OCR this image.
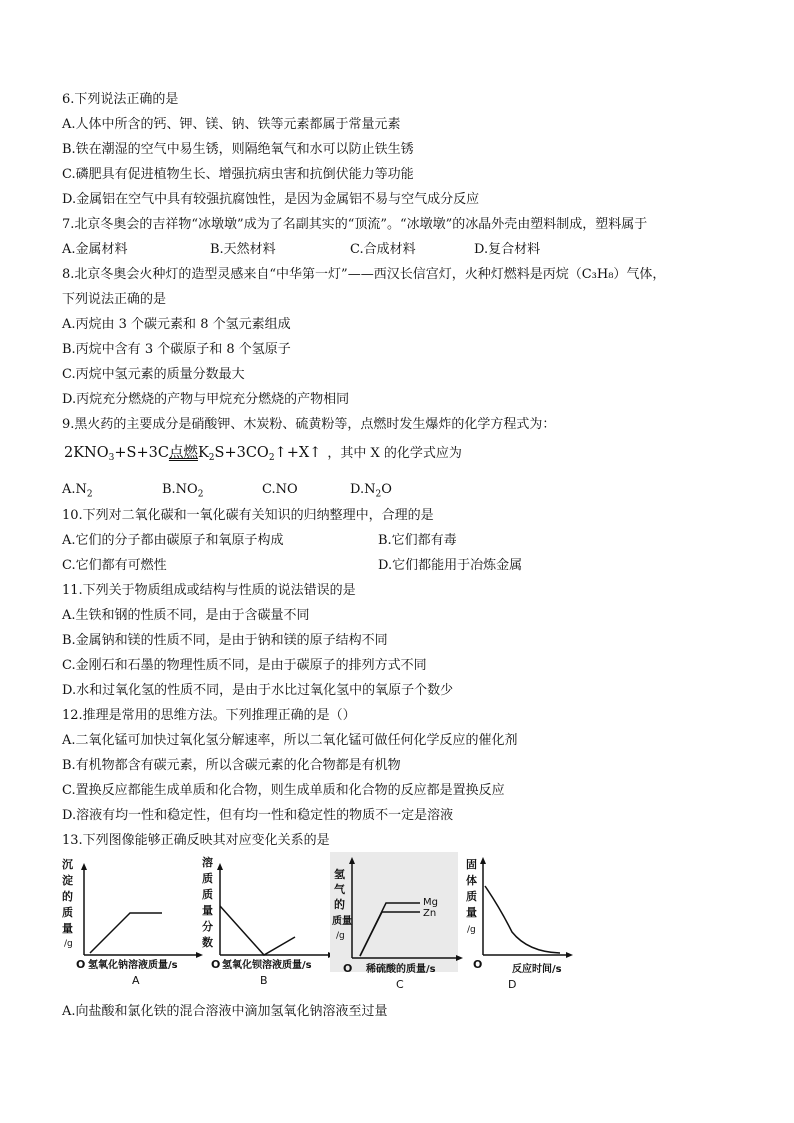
6.下列说法正确的是
A.人体中所含的钙、钾、镁、钠、铁等元素都属于常量元素
B.铁在潮湿的空气中易生锈，则隔绝氧气和水可以防止铁生锈
C.磷肥具有促进植物生长、增强抗病虫害和抗倒伏能力等功能
D.金属铝在空气中具有较强抗腐蚀性，是因为金属铝不易与空气成分反应
7.北京冬奥会的吉祥物“冰墩墩”成为了名副其实的“顶流”。“冰墩墩”的冰晶外壳由塑料制成，塑料属于
A.金属材料	B.天然材料	C.合成材料	D.复合材料
8.北京冬奥会火种灯的造型灵感来自“中华第一灯”——西汉长信宫灯，火种灯燃料是丙烷（C₃H₈）气体，
下列说法正确的是
A.丙烷由 3 个碳元素和 8 个氢元素组成
B.丙烷中含有 3 个碳原子和 8 个氢原子
C.丙烷中氢元素的质量分数最大
D.丙烷充分燃烧的产物与甲烷充分燃烧的产物相同
9.黑火药的主要成分是硝酸钾、木炭粉、硫黄粉等，点燃时发生爆炸的化学方程式为：
$2KNO_3+S+3C$点燃$K_2S+3CO_2↑+X↑$ ，其中 X 的化学式应为
$A.N_2$	$B.NO_2$	C.NO	$D.N_2O$
10.下列对二氧化碳和一氧化碳有关知识的归纳整理中，合理的是
A.它们的分子都由碳原子和氧原子构成	B.它们都有毒
C.它们都有可燃性	D.它们都能用于冶炼金属
11.下列关于物质组成或结构与性质的说法错误的是
A.生铁和钢的性质不同，是由于含碳量不同
B.金属钠和镁的性质不同，是由于钠和镁的原子结构不同
C.金刚石和石墨的物理性质不同，是由于碳原子的排列方式不同
D.水和过氧化氢的性质不同，是由于水比过氧化氢中的氧原子个数少
12.推理是常用的思维方法。下列推理正确的是（）
A.二氧化锰可加快过氧化氢分解速率，所以二氧化锰可做任何化学反应的催化剂
B.有机物都含有碳元素，所以含碳元素的化合物都是有机物
C.置换反应都能生成单质和化合物，则生成单质和化合物的反应都是置换反应
D.溶液有均一性和稳定性，但有均一性和稳定性的物质不一定是溶液
13.下列图像能够正确反映其对应变化关系的是
沉
淀
的
质
量
/g
O 氢氧化钠溶液质量/s
A
溶
质
质
量
分
数
O 氢氧化钡溶液质量/s
B
氢
气
的
质量
/g
Mg
Zn
O 稀硫酸的质量/s
C
固
体
质
量
/g
O	反应时间/s
D
A.向盐酸和氯化铁的混合溶液中滴加氢氧化钠溶液至过量
